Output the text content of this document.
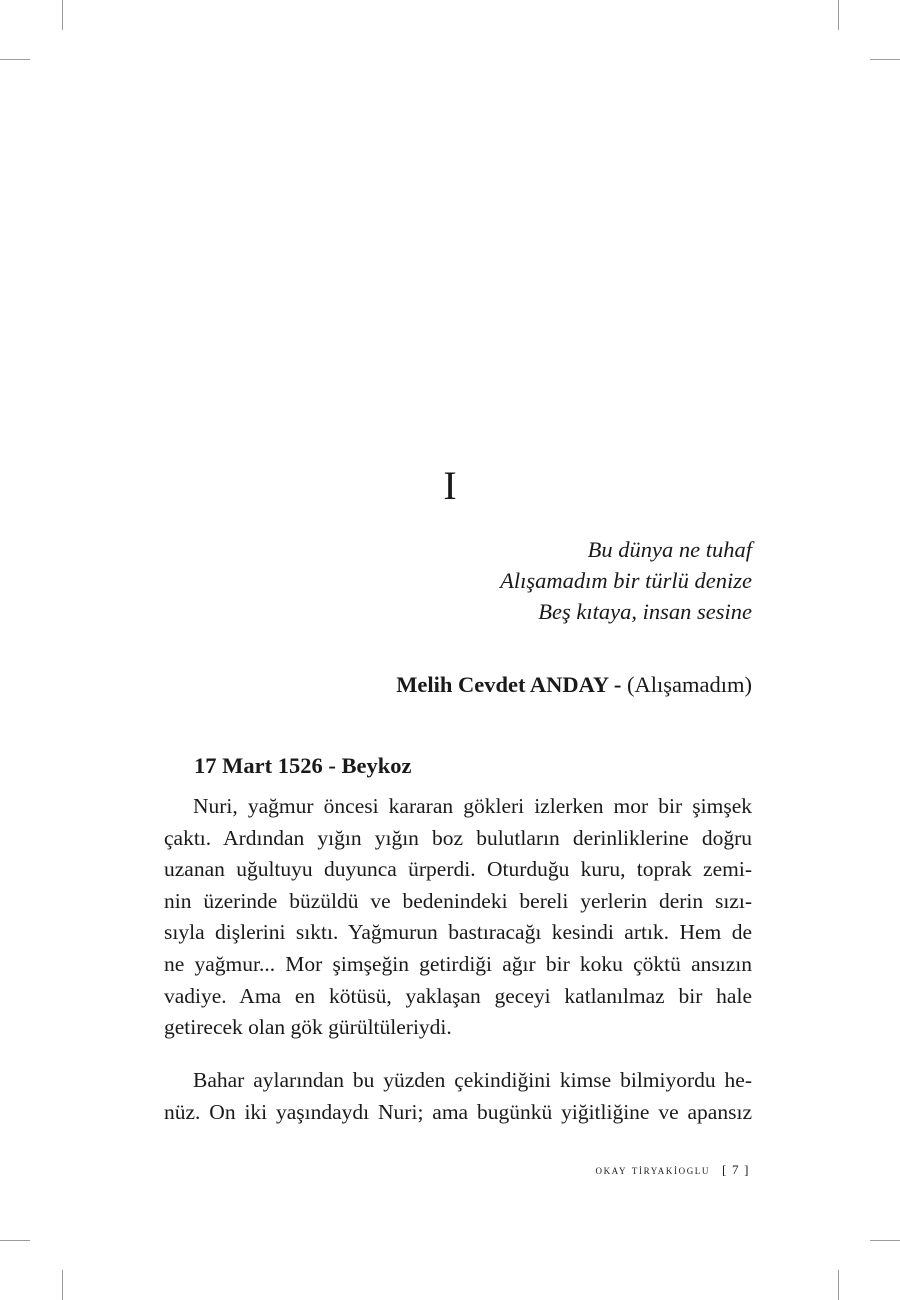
I
Bu dünya ne tuhaf
Alışamadım bir türlü denize
Beş kıtaya, insan sesine
Melih Cevdet ANDAY - (Alışamadım)
17 Mart 1526 - Beykoz
Nuri, yağmur öncesi kararan gökleri izlerken mor bir şimşek
çaktı. Ardından yığın yığın boz bulutların derinliklerine doğru
uzanan uğultuyu duyunca ürperdi. Oturduğu kuru, toprak zemi-
nin üzerinde büzüldü ve bedenindeki bereli yerlerin derin sızı-
sıyla dişlerini sıktı. Yağmurun bastıracağı kesindi artık. Hem de
ne yağmur... Mor şimşeğin getirdiği ağır bir koku çöktü ansızın
vadiye. Ama en kötüsü, yaklaşan geceyi katlanılmaz bir hale
getirecek olan gök gürültüleriydi.
Bahar aylarından bu yüzden çekindiğini kimse bilmiyordu he-
nüz. On iki yaşındaydı Nuri; ama bugünkü yiğitliğine ve apansız
okay ti̇ryaki̇oglu [ 7 ]
